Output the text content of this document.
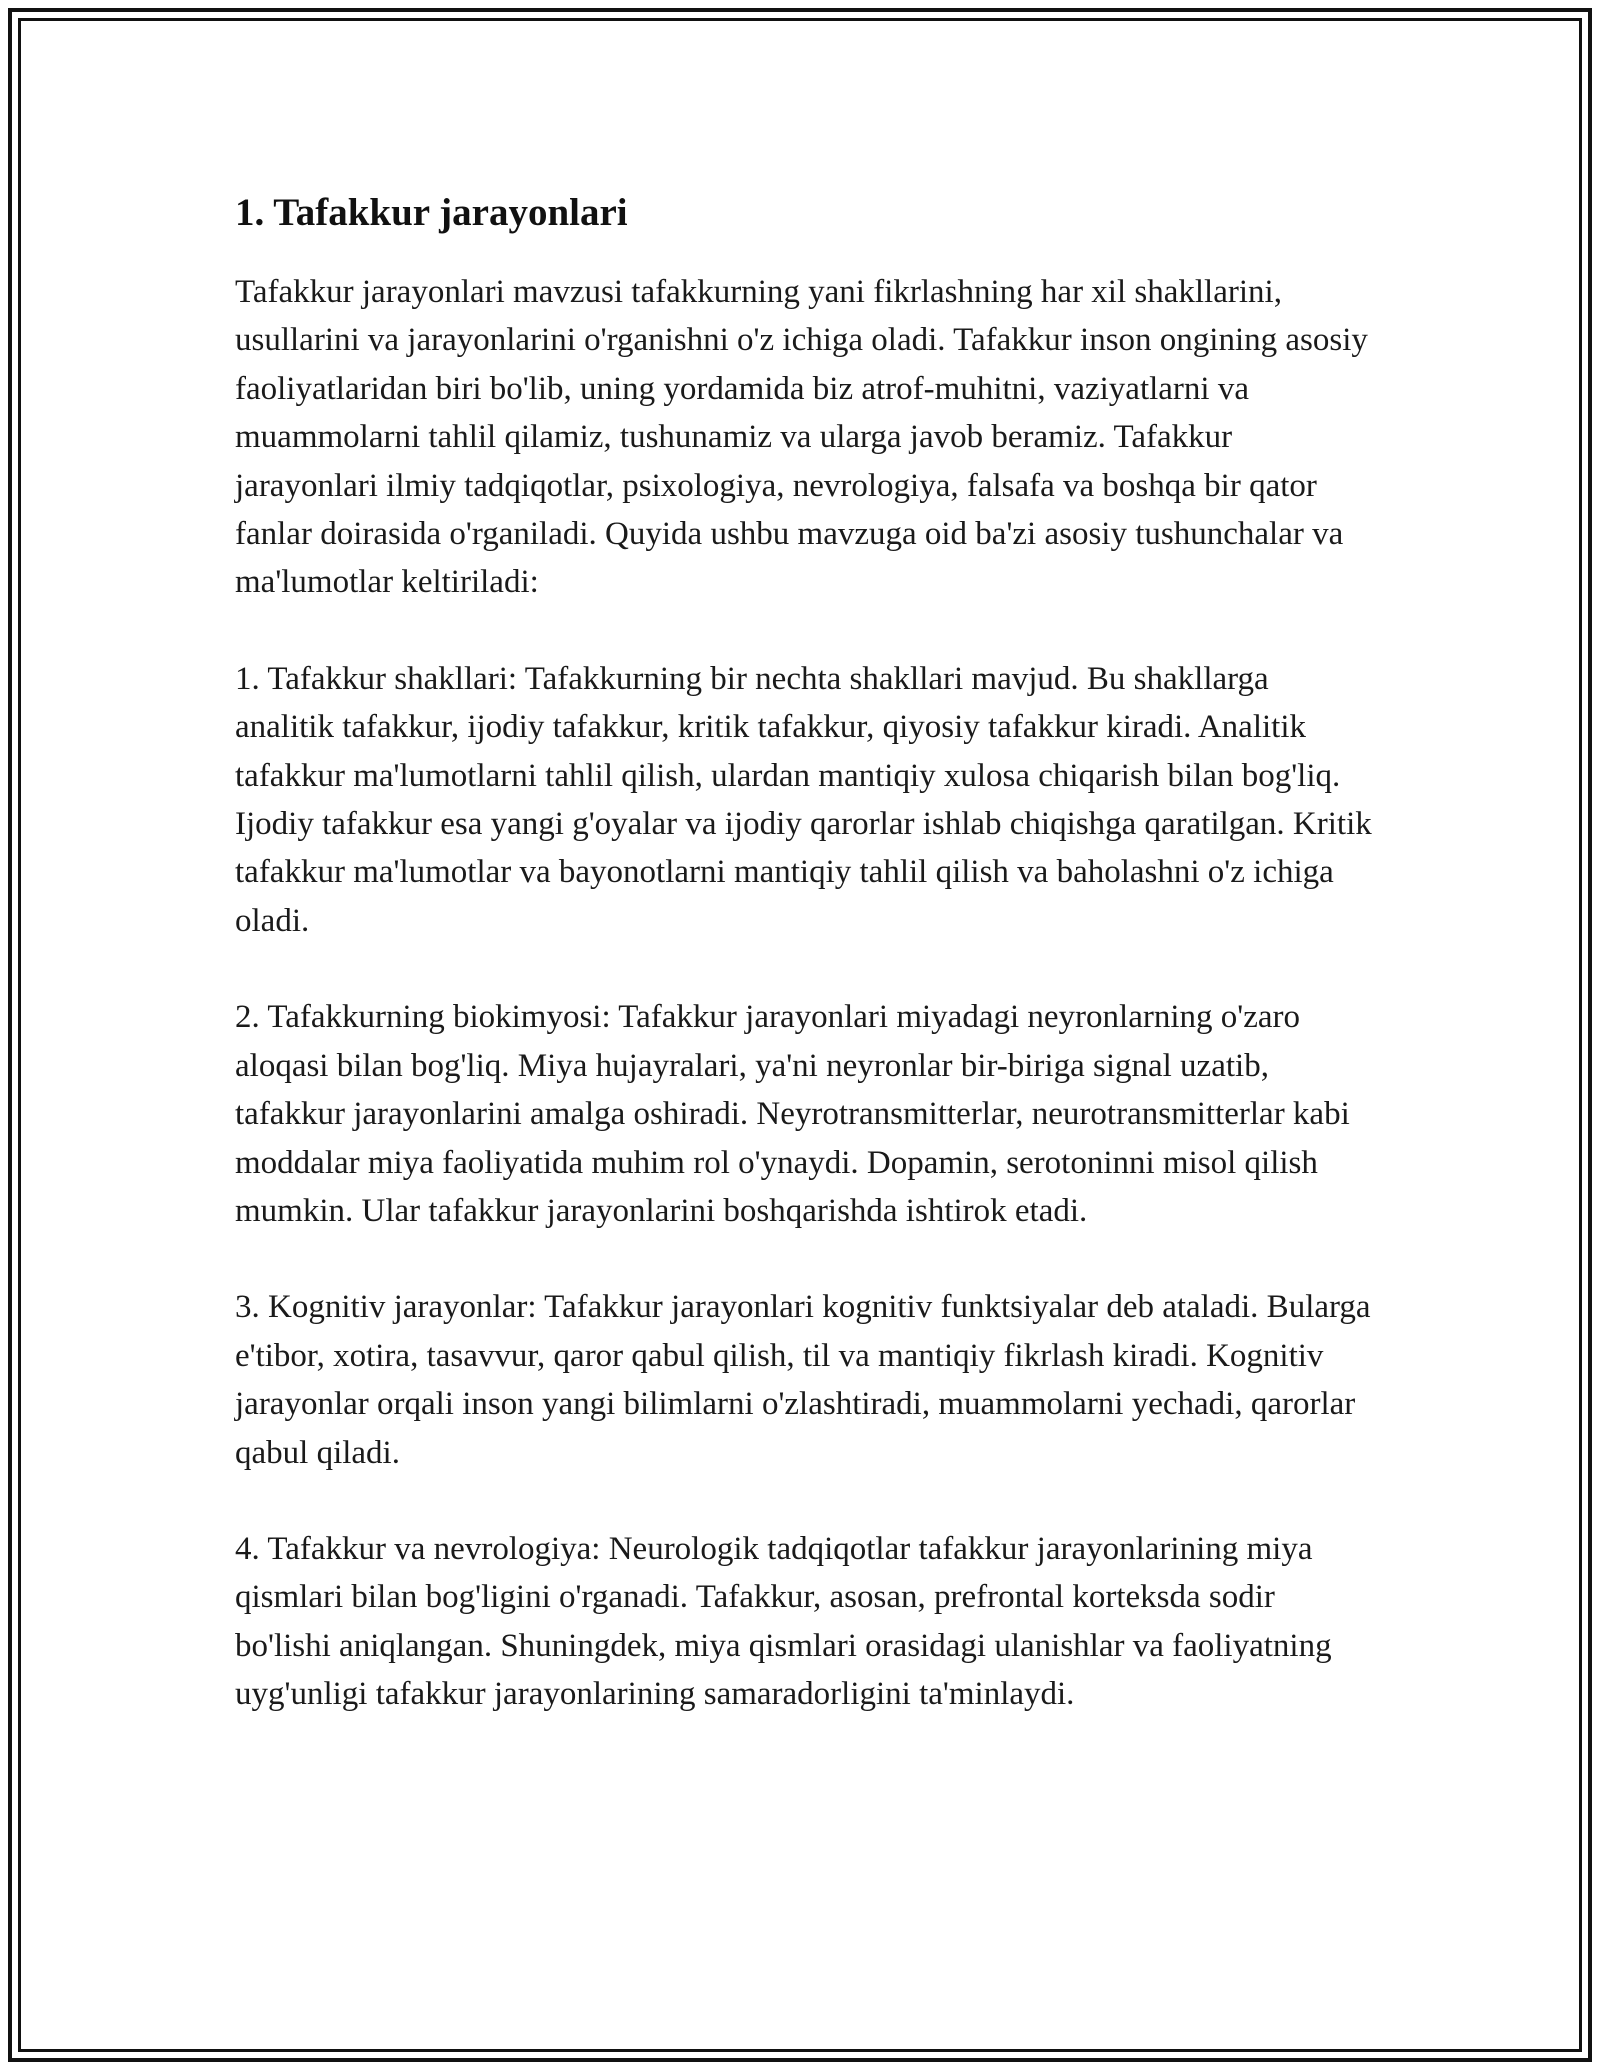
1. Tafakkur jarayonlari

Tafakkur jarayonlari mavzusi tafakkurning yani fikrlashning har xil shakllarini, usullarini va jarayonlarini o'rganishni o'z ichiga oladi. Tafakkur inson ongining asosiy faoliyatlaridan biri bo'lib, uning yordamida biz atrof-muhitni, vaziyatlarni va muammolarni tahlil qilamiz, tushunamiz va ularga javob beramiz. Tafakkur jarayonlari ilmiy tadqiqotlar, psixologiya, nevrologiya, falsafa va boshqa bir qator fanlar doirasida o'rganiladi. Quyida ushbu mavzuga oid ba'zi asosiy tushunchalar va ma'lumotlar keltiriladi:

1. Tafakkur shakllari: Tafakkurning bir nechta shakllari mavjud. Bu shakllarga analitik tafakkur, ijodiy tafakkur, kritik tafakkur, qiyosiy tafakkur kiradi. Analitik tafakkur ma'lumotlarni tahlil qilish, ulardan mantiqiy xulosa chiqarish bilan bog'liq. Ijodiy tafakkur esa yangi g'oyalar va ijodiy qarorlar ishlab chiqishga qaratilgan. Kritik tafakkur ma'lumotlar va bayonotlarni mantiqiy tahlil qilish va baholashni o'z ichiga oladi.

2. Tafakkurning biokimyosi: Tafakkur jarayonlari miyadagi neyronlarning o'zaro aloqasi bilan bog'liq. Miya hujayralari, ya'ni neyronlar bir-biriga signal uzatib, tafakkur jarayonlarini amalga oshiradi. Neyrotransmitterlar, neurotransmitterlar kabi moddalar miya faoliyatida muhim rol o'ynaydi. Dopamin, serotoninni misol qilish mumkin. Ular tafakkur jarayonlarini boshqarishda ishtirok etadi.

3. Kognitiv jarayonlar: Tafakkur jarayonlari kognitiv funktsiyalar deb ataladi. Bularga e'tibor, xotira, tasavvur, qaror qabul qilish, til va mantiqiy fikrlash kiradi. Kognitiv jarayonlar orqali inson yangi bilimlarni o'zlashtiradi, muammolarni yechadi, qarorlar qabul qiladi.

4. Tafakkur va nevrologiya: Neurologik tadqiqotlar tafakkur jarayonlarining miya qismlari bilan bog'ligini o'rganadi. Tafakkur, asosan, prefrontal korteksda sodir bo'lishi aniqlangan. Shuningdek, miya qismlari orasidagi ulanishlar va faoliyatning uyg'unligi tafakkur jarayonlarining samaradorligini ta'minlaydi.
